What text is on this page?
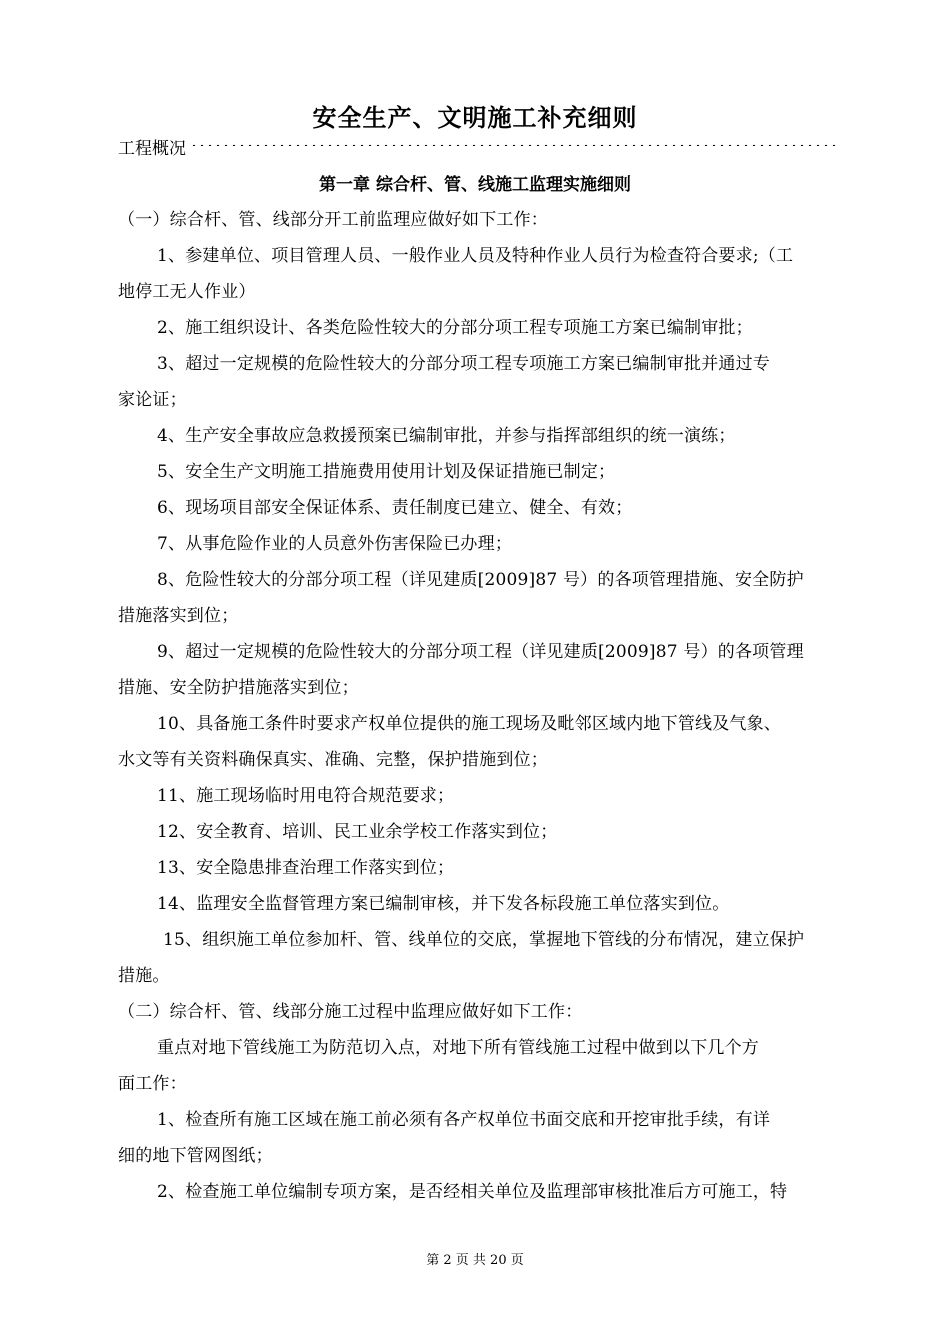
安全生产、文明施工补充细则
工程概况
第一章 综合杆、管、线施工监理实施细则
（一）综合杆、管、线部分开工前监理应做好如下工作：
1、参建单位、项目管理人员、一般作业人员及特种作业人员行为检查符合要求;（工
地停工无人作业）
2、施工组织设计、各类危险性较大的分部分项工程专项施工方案已编制审批；
3、超过一定规模的危险性较大的分部分项工程专项施工方案已编制审批并通过专
家论证；
4、生产安全事故应急救援预案已编制审批，并参与指挥部组织的统一演练；
5、安全生产文明施工措施费用使用计划及保证措施已制定；
6、现场项目部安全保证体系、责任制度已建立、健全、有效；
7、从事危险作业的人员意外伤害保险已办理；
8、危险性较大的分部分项工程（详见建质[2009]87 号）的各项管理措施、安全防护
措施落实到位；
9、超过一定规模的危险性较大的分部分项工程（详见建质[2009]87 号）的各项管理
措施、安全防护措施落实到位；
10、具备施工条件时要求产权单位提供的施工现场及毗邻区域内地下管线及气象、
水文等有关资料确保真实、准确、完整，保护措施到位；
11、施工现场临时用电符合规范要求；
12、安全教育、培训、民工业余学校工作落实到位；
13、安全隐患排查治理工作落实到位；
14、监理安全监督管理方案已编制审核，并下发各标段施工单位落实到位。
15、组织施工单位参加杆、管、线单位的交底，掌握地下管线的分布情况，建立保护
措施。
（二）综合杆、管、线部分施工过程中监理应做好如下工作：
重点对地下管线施工为防范切入点，对地下所有管线施工过程中做到以下几个方
面工作：
1、检查所有施工区域在施工前必须有各产权单位书面交底和开挖审批手续，有详
细的地下管网图纸；
2、检查施工单位编制专项方案，是否经相关单位及监理部审核批准后方可施工，特
第 2 页 共 20 页
